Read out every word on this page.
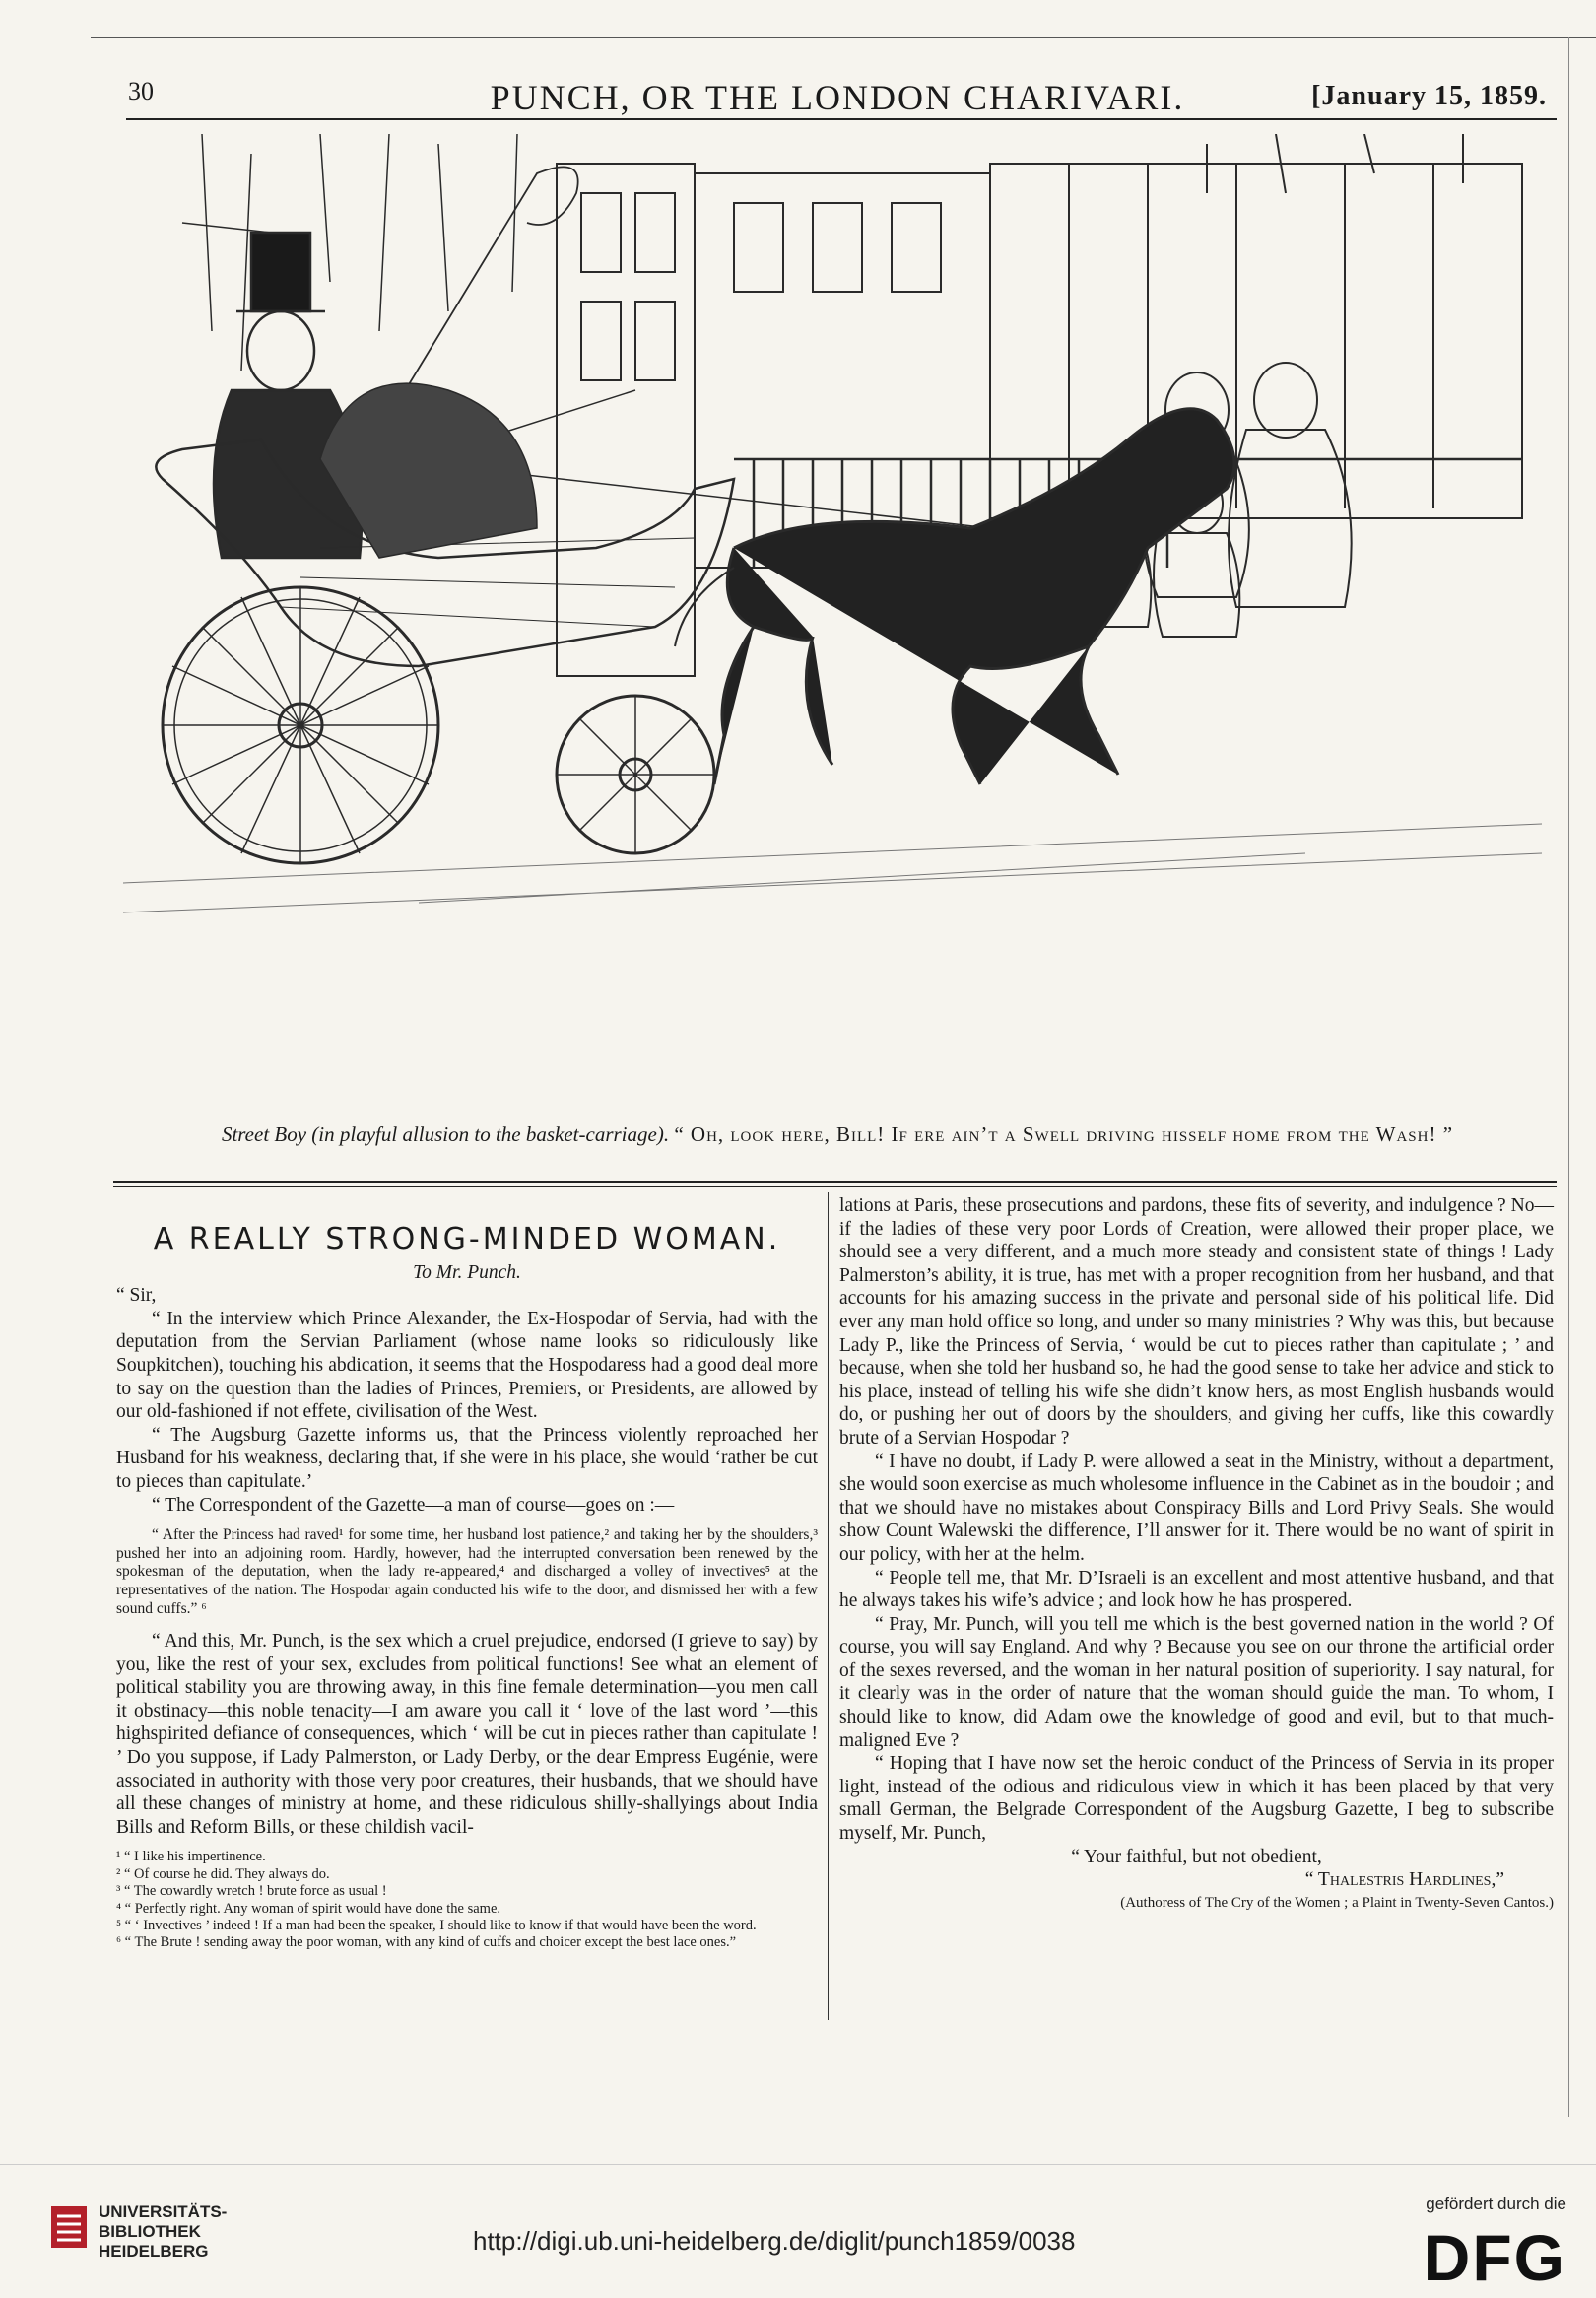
30	PUNCH, OR THE LONDON CHARIVARI.	[January 15, 1859.
Street Boy (in playful allusion to the basket-carriage). “ Oh, look here, Bill! If ere ain’t a Swell driving hisself home from the Wash! ”
A REALLY STRONG-MINDED WOMAN.

To Mr. Punch.

“ Sir,

“ In the interview which Prince Alexander, the Ex-Hospodar of Servia, had with the deputation from the Servian Parliament (whose name looks so ridiculously like Soupkitchen), touching his abdication, it seems that the Hospodaress had a good deal more to say on the question than the ladies of Princes, Premiers, or Presidents, are allowed by our old-fashioned if not effete, civilisation of the West.

“ The Augsburg Gazette informs us, that the Princess violently reproached her Husband for his weakness, declaring that, if she were in his place, she would ‘rather be cut to pieces than capitulate.’

“ The Correspondent of the Gazette—a man of course—goes on :—

“ After the Princess had raved¹ for some time, her husband lost patience,² and taking her by the shoulders,³ pushed her into an adjoining room. Hardly, however, had the interrupted conversation been renewed by the spokesman of the deputation, when the lady re-appeared,⁴ and discharged a volley of invectives⁵ at the representatives of the nation. The Hospodar again conducted his wife to the door, and dismissed her with a few sound cuffs.” ⁶

“ And this, Mr. Punch, is the sex which a cruel prejudice, endorsed (I grieve to say) by you, like the rest of your sex, excludes from political functions! See what an element of political stability you are throwing away, in this fine female determination—you men call it obstinacy—this noble tenacity—I am aware you call it ‘ love of the last word ’—this highspirited defiance of consequences, which ‘ will be cut in pieces rather than capitulate ! ’ Do you suppose, if Lady Palmerston, or Lady Derby, or the dear Empress Eugénie, were associated in authority with those very poor creatures, their husbands, that we should have all these changes of ministry at home, and these ridiculous shilly-shallyings about India Bills and Reform Bills, or these childish vacil-

¹ “ I like his impertinence.
² “ Of course he did. They always do.
³ “ The cowardly wretch ! brute force as usual !
⁴ “ Perfectly right. Any woman of spirit would have done the same.
⁵ “ ‘ Invectives ’ indeed ! If a man had been the speaker, I should like to know if that would have been the word.
⁶ “ The Brute ! sending away the poor woman, with any kind of cuffs and choicer except the best lace ones.”

lations at Paris, these prosecutions and pardons, these fits of severity, and indulgence ? No—if the ladies of these very poor Lords of Creation, were allowed their proper place, we should see a very different, and a much more steady and consistent state of things ! Lady Palmerston’s ability, it is true, has met with a proper recognition from her husband, and that accounts for his amazing success in the private and personal side of his political life. Did ever any man hold office so long, and under so many ministries ? Why was this, but because Lady P., like the Princess of Servia, ‘ would be cut to pieces rather than capitulate ; ’ and because, when she told her husband so, he had the good sense to take her advice and stick to his place, instead of telling his wife she didn’t know hers, as most English husbands would do, or pushing her out of doors by the shoulders, and giving her cuffs, like this cowardly brute of a Servian Hospodar ?

“ I have no doubt, if Lady P. were allowed a seat in the Ministry, without a department, she would soon exercise as much wholesome influence in the Cabinet as in the boudoir ; and that we should have no mistakes about Conspiracy Bills and Lord Privy Seals. She would show Count Walewski the difference, I’ll answer for it. There would be no want of spirit in our policy, with her at the helm.

“ People tell me, that Mr. D’Israeli is an excellent and most attentive husband, and that he always takes his wife’s advice ; and look how he has prospered.

“ Pray, Mr. Punch, will you tell me which is the best governed nation in the world ? Of course, you will say England. And why ? Because you see on our throne the artificial order of the sexes reversed, and the woman in her natural position of superiority. I say natural, for it clearly was in the order of nature that the woman should guide the man. To whom, I should like to know, did Adam owe the knowledge of good and evil, but to that much-maligned Eve ?

“ Hoping that I have now set the heroic conduct of the Princess of Servia in its proper light, instead of the odious and ridiculous view in which it has been placed by that very small German, the Belgrade Correspondent of the Augsburg Gazette, I beg to subscribe myself, Mr. Punch,

“ Your faithful, but not obedient,

“ Thalestris Hardlines,”

(Authoress of The Cry of the Women ; a Plaint in Twenty-Seven Cantos.)

UNIVERSITÄTS-
BIBLIOTHEK
HEIDELBERG	http://digi.ub.uni-heidelberg.de/diglit/punch1859/0038
gefördert durch die
DFG
